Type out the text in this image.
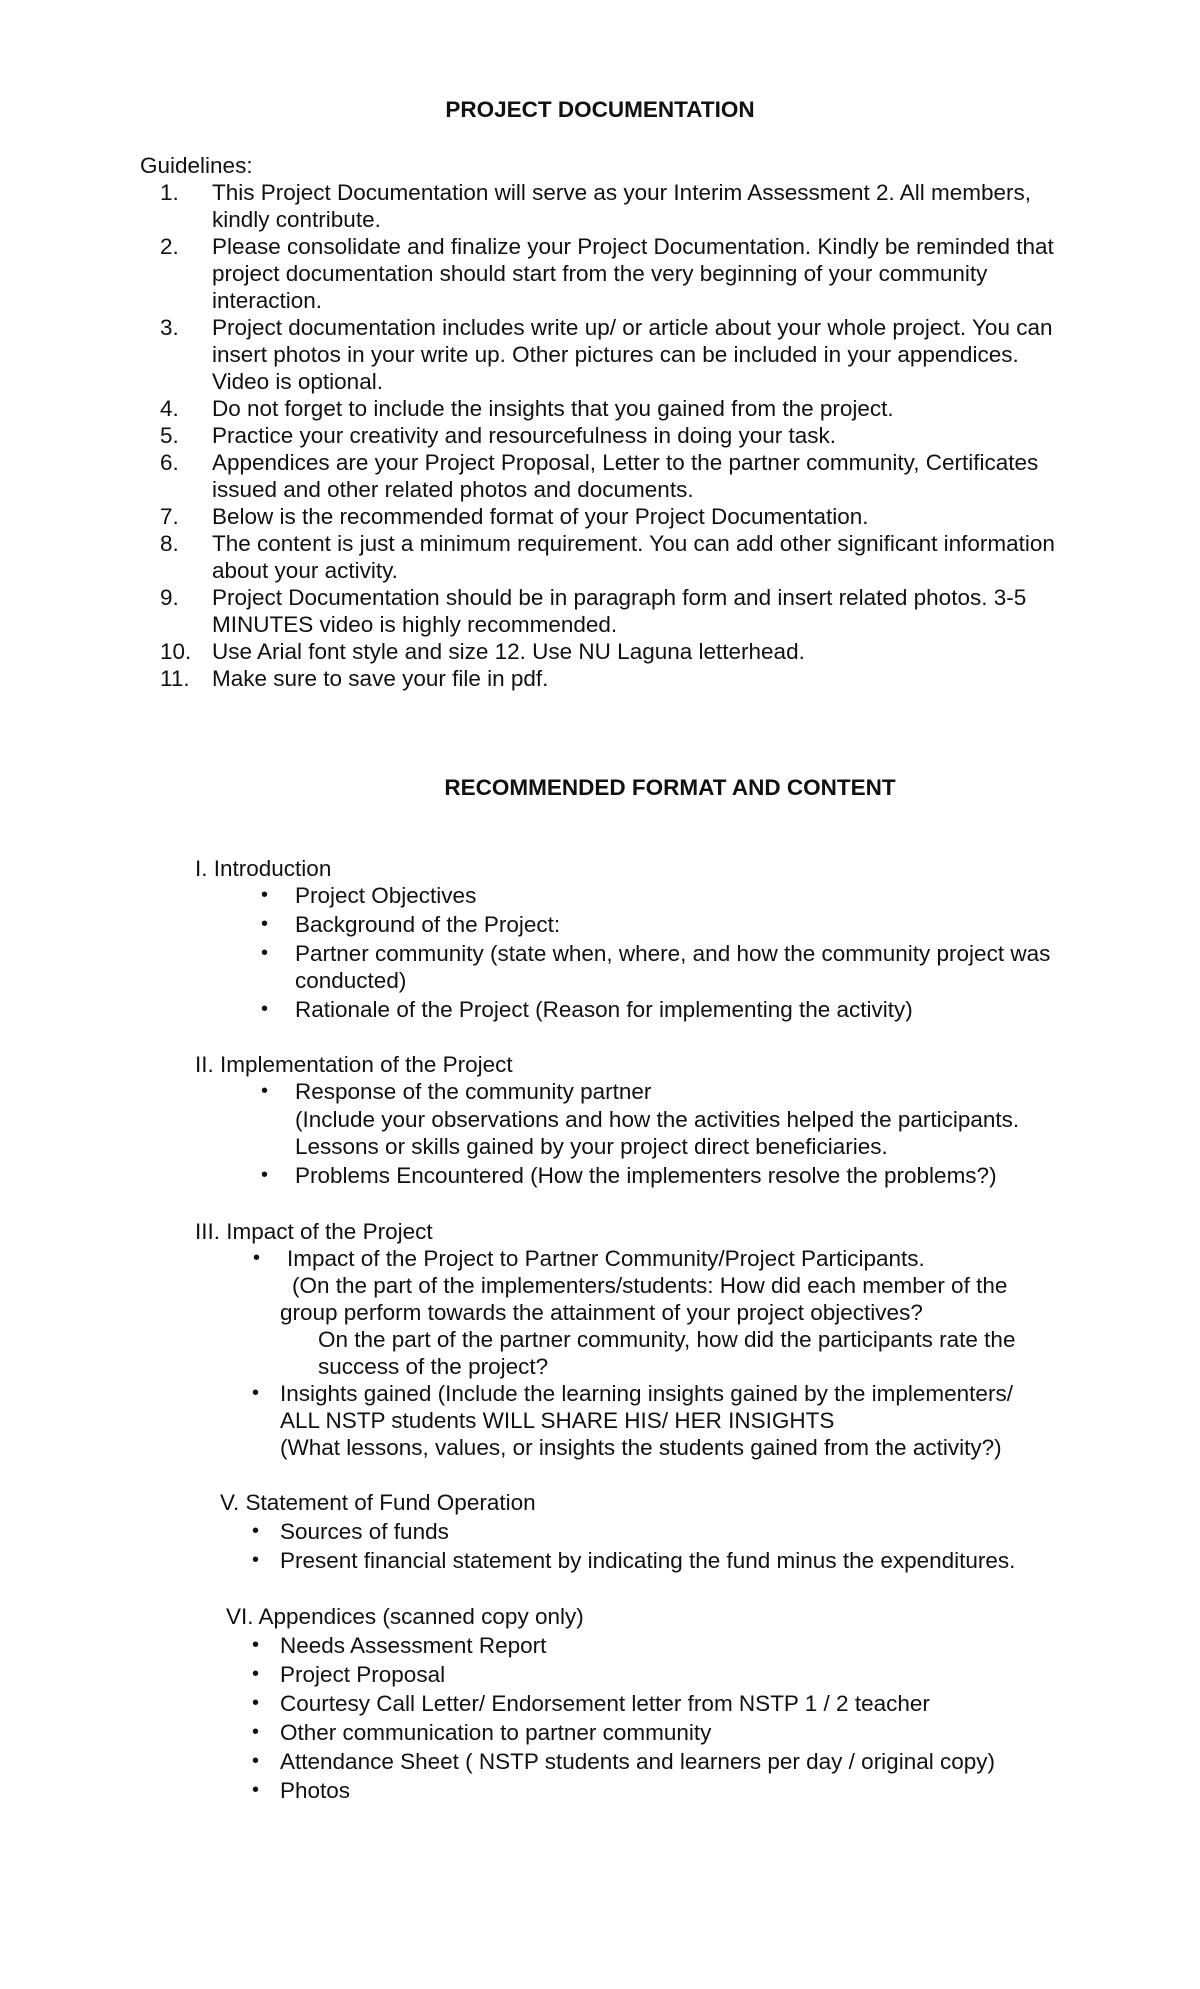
PROJECT DOCUMENTATION
Guidelines:
1.	This Project Documentation will serve as your Interim Assessment 2. All members, kindly contribute.
2.	Please consolidate and finalize your Project Documentation. Kindly be reminded that project documentation should start from the very beginning of your community interaction.
3.	Project documentation includes write up/ or article about your whole project. You can insert photos in your write up. Other pictures can be included in your appendices. Video is optional.
4.	Do not forget to include the insights that you gained from the project.
5.	Practice your creativity and resourcefulness in doing your task.
6.	Appendices are your Project Proposal, Letter to the partner community, Certificates issued and other related photos and documents.
7.	Below is the recommended format of your Project Documentation.
8.	The content is just a minimum requirement. You can add other significant information about your activity.
9.	Project Documentation should be in paragraph form and insert related photos. 3-5 MINUTES video is highly recommended.
10. Use Arial font style and size 12. Use NU Laguna letterhead.
11. Make sure to save your file in pdf.
RECOMMENDED FORMAT AND CONTENT
I. Introduction
• Project Objectives
• Background of the Project:
• Partner community (state when, where, and how the community project was conducted)
• Rationale of the Project (Reason for implementing the activity)
II. Implementation of the Project
• Response of the community partner
(Include your observations and how the activities helped the participants.
Lessons or skills gained by your project direct beneficiaries.
• Problems Encountered (How the implementers resolve the problems?)
III. Impact of the Project
• Impact of the Project to Partner Community/Project Participants.
(On the part of the implementers/students: How did each member of the
group perform towards the attainment of your project objectives?
On the part of the partner community, how did the participants rate the
success of the project?
• Insights gained (Include the learning insights gained by the implementers/
ALL NSTP students WILL SHARE HIS/ HER INSIGHTS
(What lessons, values, or insights the students gained from the activity?)
V. Statement of Fund Operation
• Sources of funds
• Present financial statement by indicating the fund minus the expenditures.
VI. Appendices (scanned copy only)
• Needs Assessment Report
• Project Proposal
• Courtesy Call Letter/ Endorsement letter from NSTP 1 / 2 teacher
• Other communication to partner community
• Attendance Sheet ( NSTP students and learners per day / original copy)
• Photos
